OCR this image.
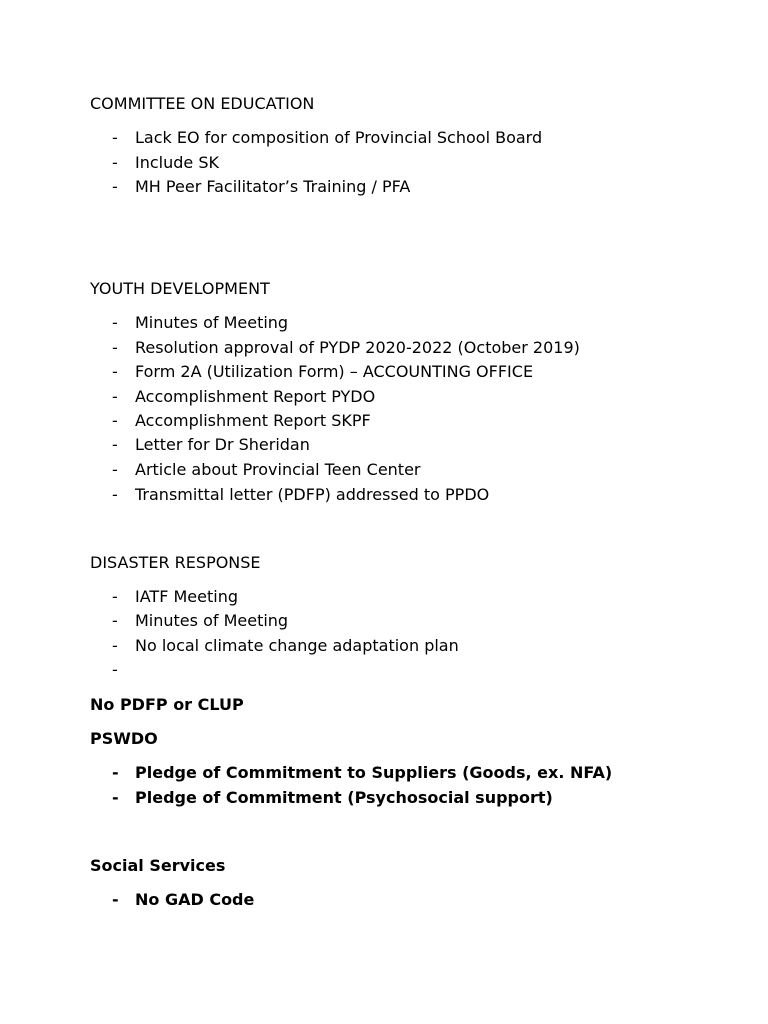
COMMITTEE ON EDUCATION
- Lack EO for composition of Provincial School Board
- Include SK
- MH Peer Facilitator’s Training / PFA
YOUTH DEVELOPMENT
- Minutes of Meeting
- Resolution approval of PYDP 2020-2022 (October 2019)
- Form 2A (Utilization Form) – ACCOUNTING OFFICE
- Accomplishment Report PYDO
- Accomplishment Report SKPF
- Letter for Dr Sheridan
- Article about Provincial Teen Center
- Transmittal letter (PDFP) addressed to PPDO
DISASTER RESPONSE
- IATF Meeting
- Minutes of Meeting
- No local climate change adaptation plan
-
No PDFP or CLUP
PSWDO
- Pledge of Commitment to Suppliers (Goods, ex. NFA)
- Pledge of Commitment (Psychosocial support)
Social Services
- No GAD Code
